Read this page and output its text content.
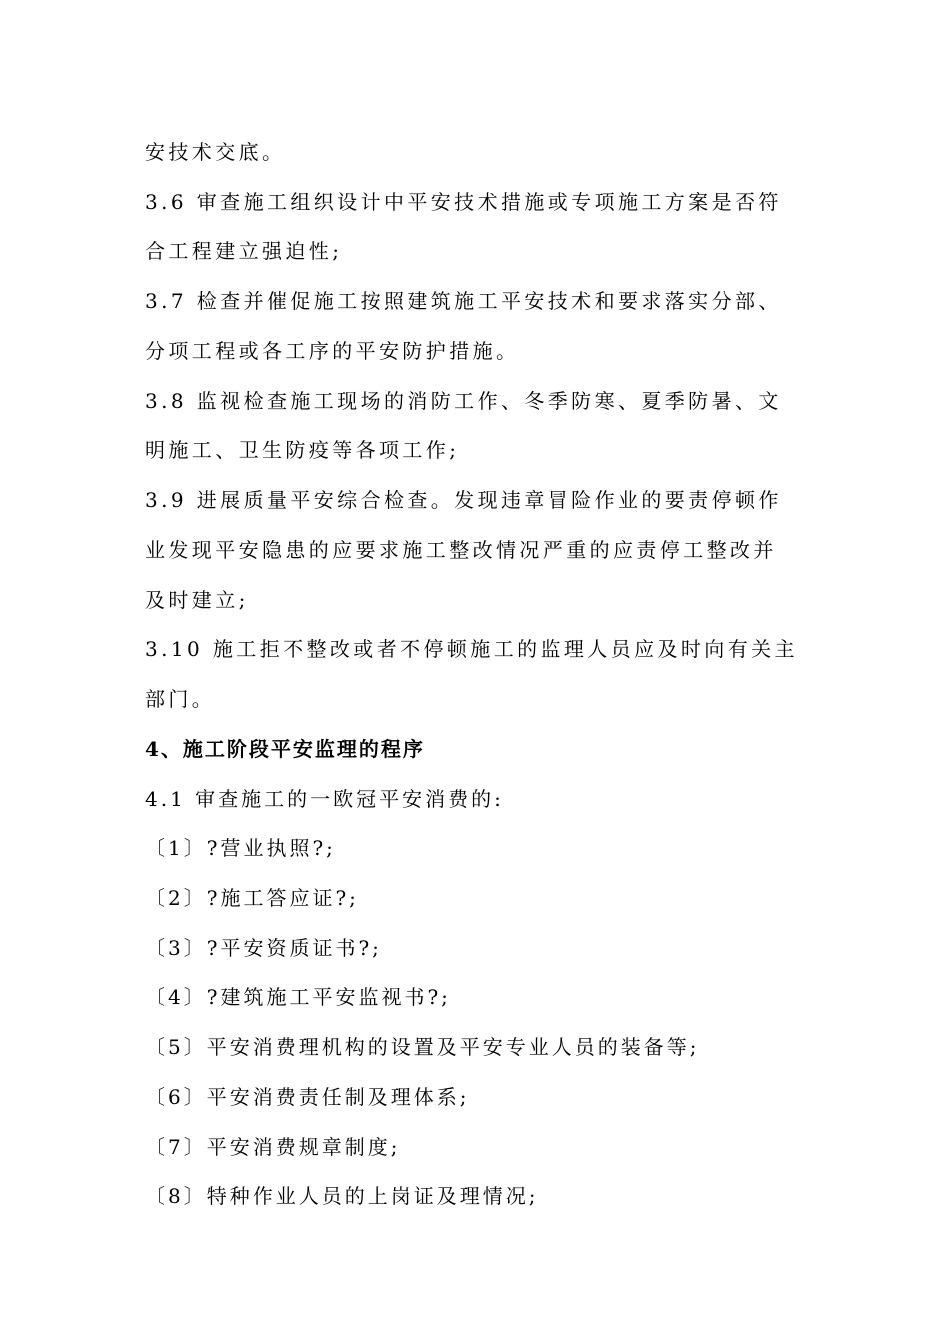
安技术交底。
3.6 审查施工组织设计中平安技术措施或专项施工方案是否符
合工程建立强迫性;
3.7 检查并催促施工按照建筑施工平安技术和要求落实分部、
分项工程或各工序的平安防护措施。
3.8 监视检查施工现场的消防工作、冬季防寒、夏季防暑、文
明施工、卫生防疫等各项工作;
3.9 进展质量平安综合检查。发现违章冒险作业的要责停顿作
业发现平安隐患的应要求施工整改情况严重的应责停工整改并
及时建立;
3.10 施工拒不整改或者不停顿施工的监理人员应及时向有关主
部门。
4、施工阶段平安监理的程序
4.1 审查施工的一欧冠平安消费的:
〔1〕?营业执照?;
〔2〕?施工答应证?;
〔3〕?平安资质证书?;
〔4〕?建筑施工平安监视书?;
〔5〕平安消费理机构的设置及平安专业人员的装备等;
〔6〕平安消费责任制及理体系;
〔7〕平安消费规章制度;
〔8〕特种作业人员的上岗证及理情况;
